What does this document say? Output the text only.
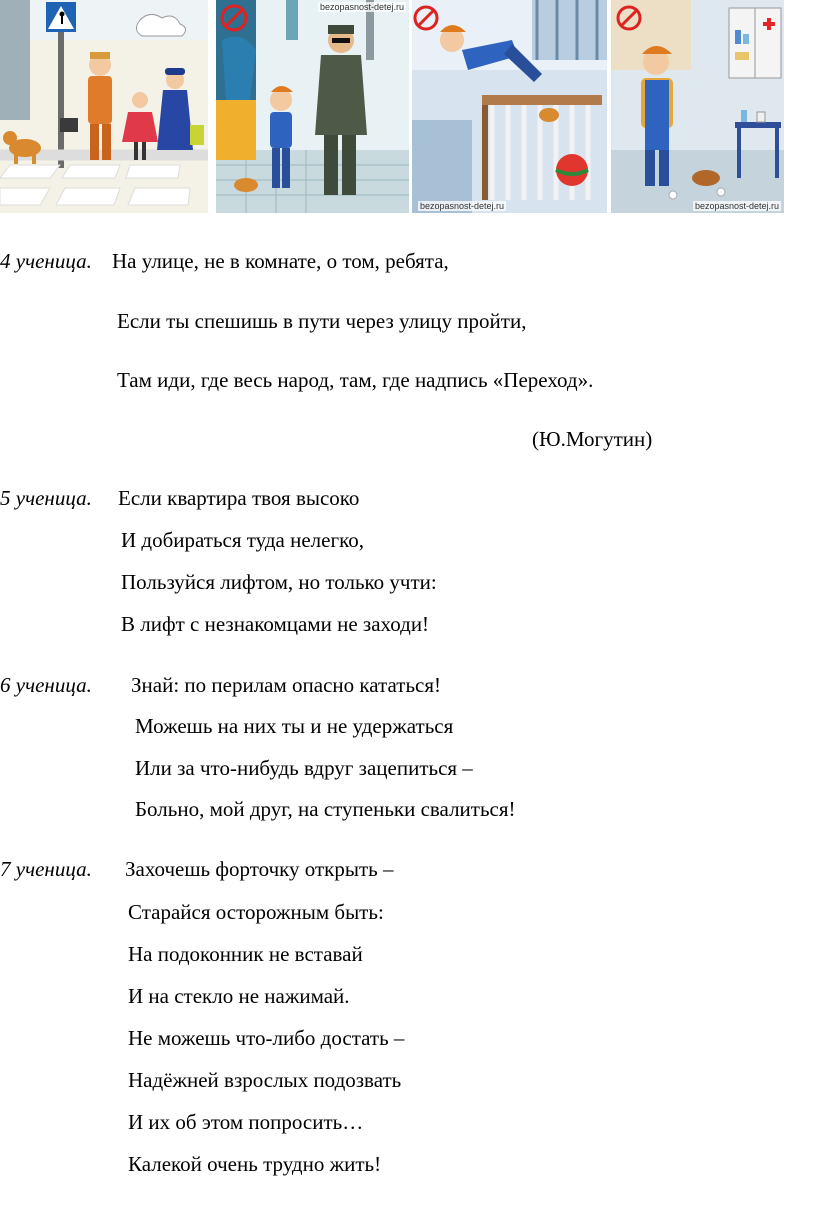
bezopasnost-detej.ru
bezopasnost-detej.ru	bezopasnost-detej.ru
4 ученица. На улице, не в комнате, о том, ребята,
Если ты спешишь в пути через улицу пройти,
Там иди, где весь народ, там, где надпись «Переход».
(Ю.Могутин)
5 ученица. Если квартира твоя высоко
И добираться туда нелегко,
Пользуйся лифтом, но только учти:
В лифт с незнакомцами не заходи!
6 ученица. Знай: по перилам опасно кататься!
Можешь на них ты и не удержаться
Или за что-нибудь вдруг зацепиться –
Больно, мой друг, на ступеньки свалиться!
7 ученица. Захочешь форточку открыть –
Старайся осторожным быть:
На подоконник не вставай
И на стекло не нажимай.
Не можешь что-либо достать –
Надёжней взрослых подозвать
И их об этом попросить…
Калекой очень трудно жить!
